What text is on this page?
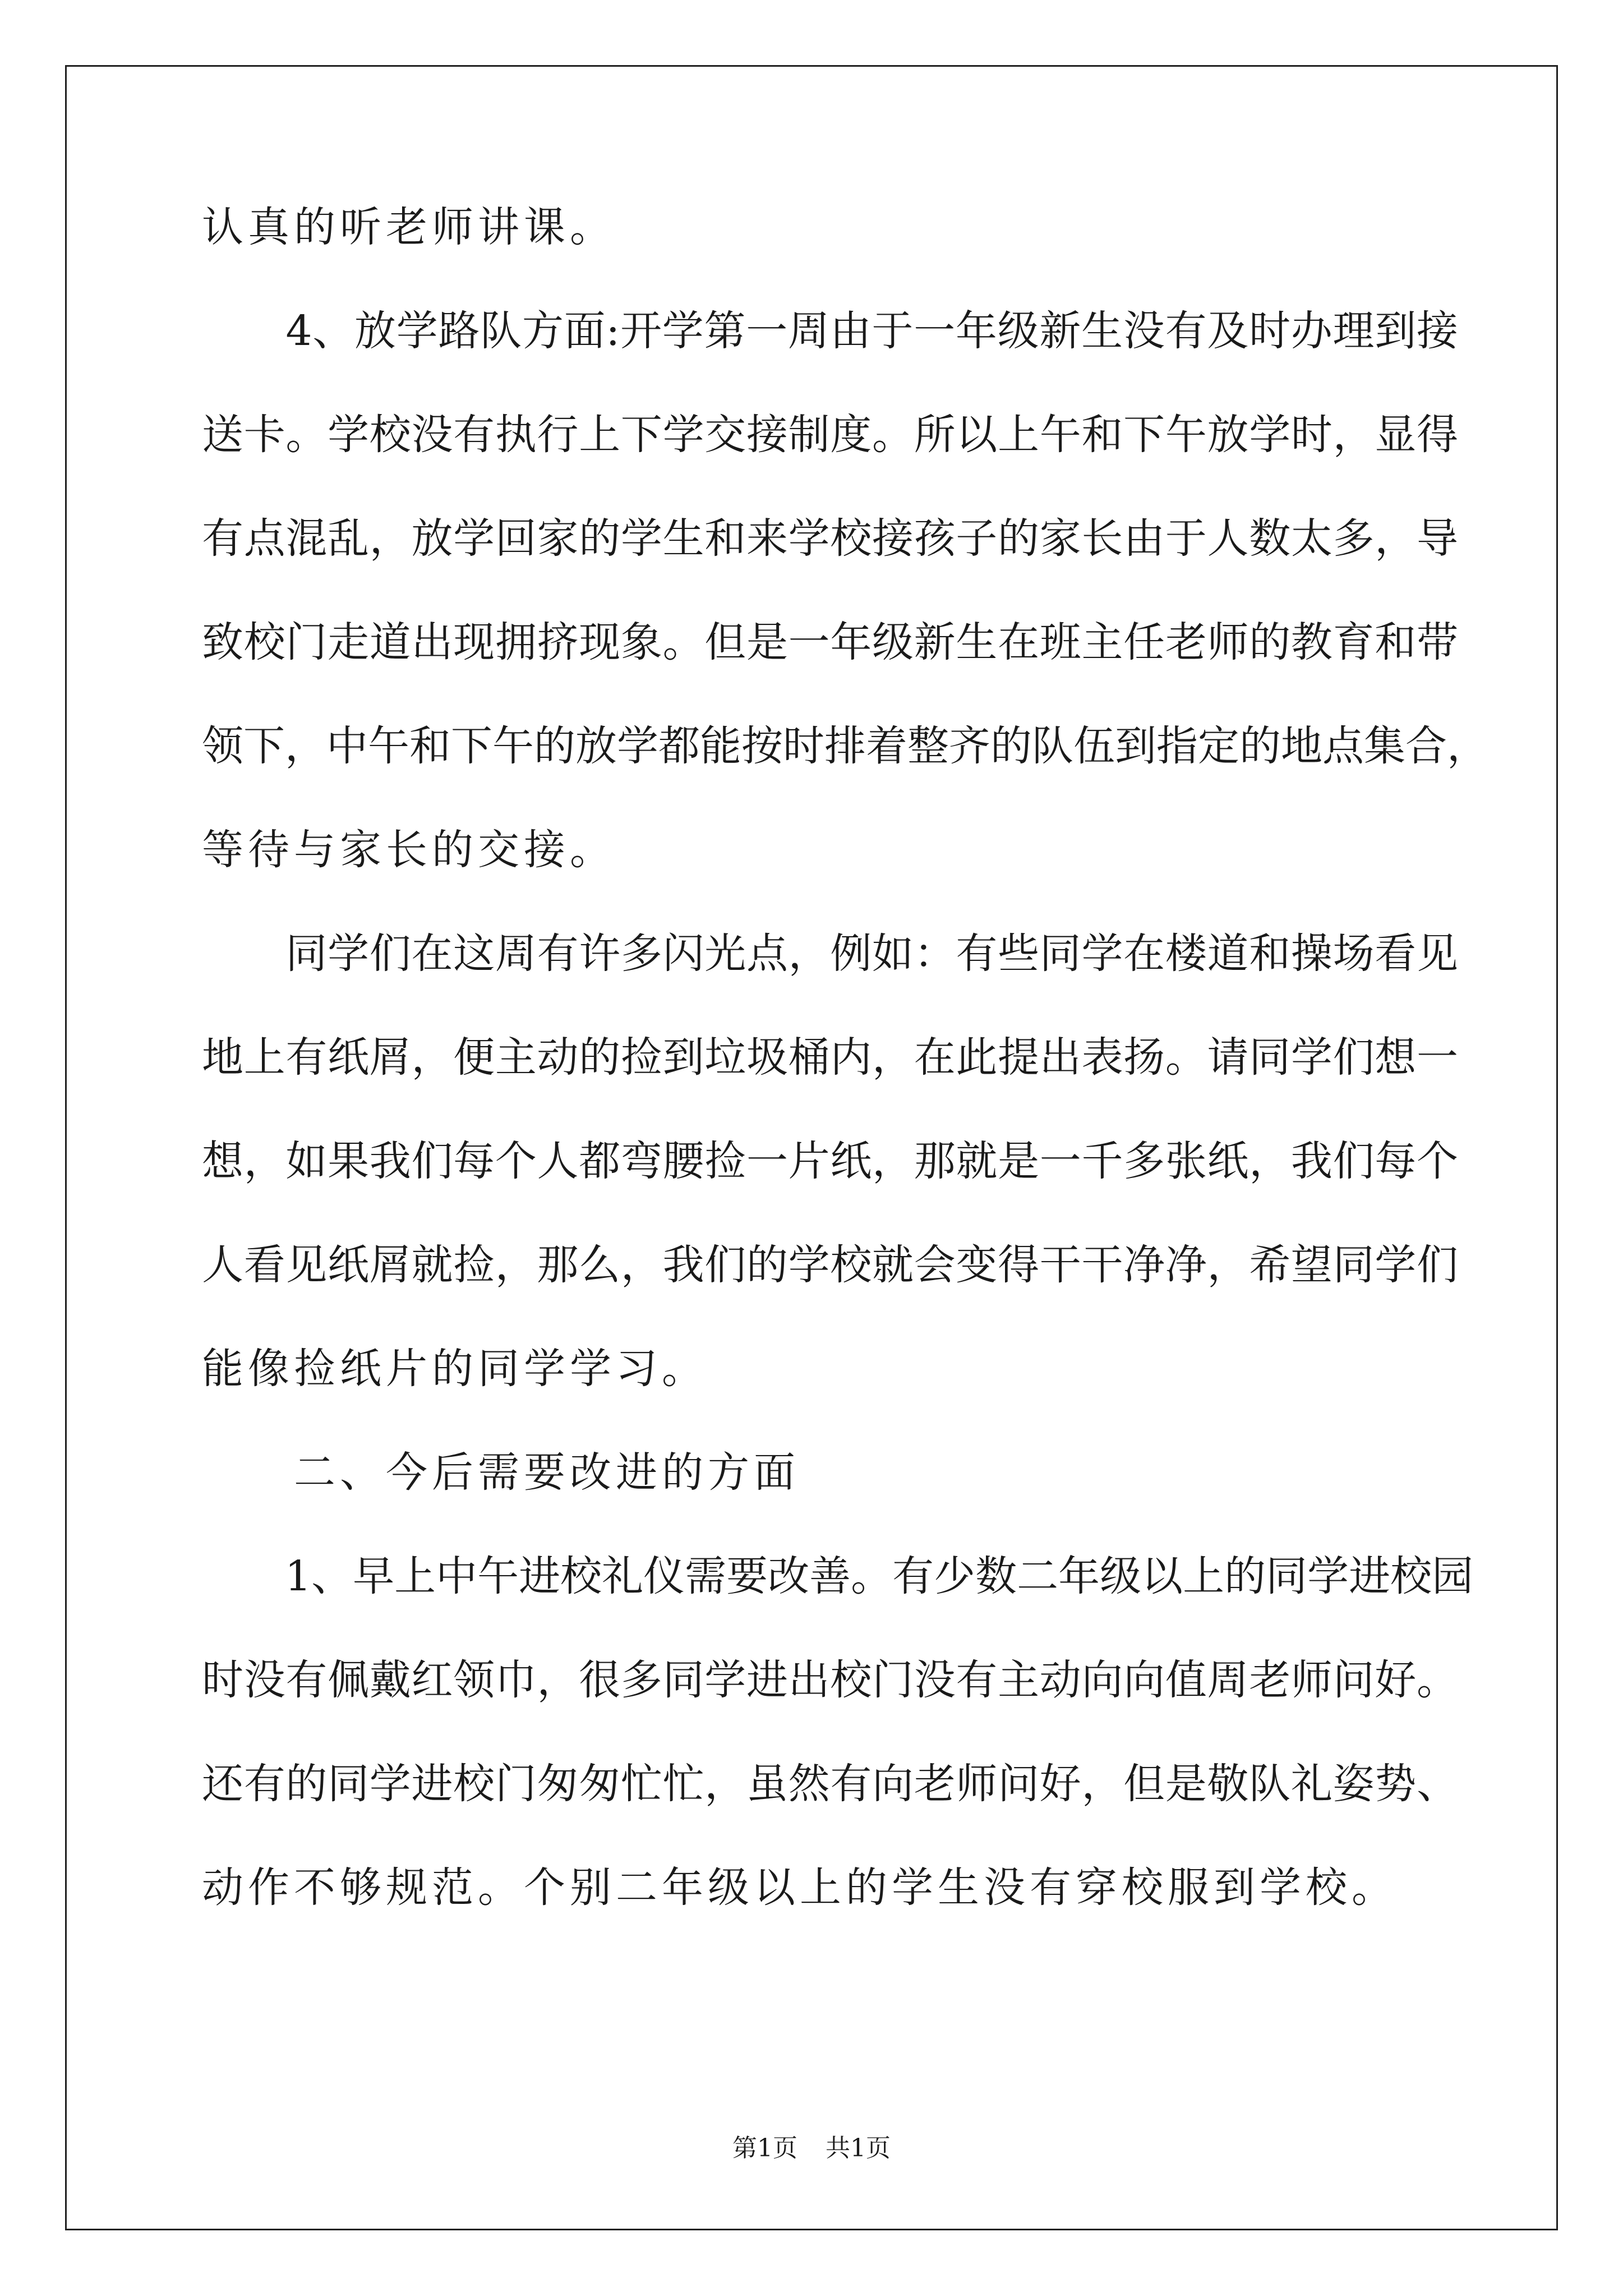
认真的听老师讲课。
　　4、放学路队方面:开学第一周由于一年级新生没有及时办理到接
送卡。学校没有执行上下学交接制度。所以上午和下午放学时，显得
有点混乱，放学回家的学生和来学校接孩子的家长由于人数太多，导
致校门走道出现拥挤现象。但是一年级新生在班主任老师的教育和带
领下，中午和下午的放学都能按时排着整齐的队伍到指定的地点集合，
等待与家长的交接。
　　同学们在这周有许多闪光点，例如：有些同学在楼道和操场看见
地上有纸屑，便主动的捡到垃圾桶内，在此提出表扬。请同学们想一
想，如果我们每个人都弯腰捡一片纸，那就是一千多张纸，我们每个
人看见纸屑就捡，那么，我们的学校就会变得干干净净，希望同学们
能像捡纸片的同学学习。
　　二、今后需要改进的方面
　　1、早上中午进校礼仪需要改善。有少数二年级以上的同学进校园
时没有佩戴红领巾，很多同学进出校门没有主动向向值周老师问好。
还有的同学进校门匆匆忙忙，虽然有向老师问好，但是敬队礼姿势、
动作不够规范。个别二年级以上的学生没有穿校服到学校。
第1页 共1页
